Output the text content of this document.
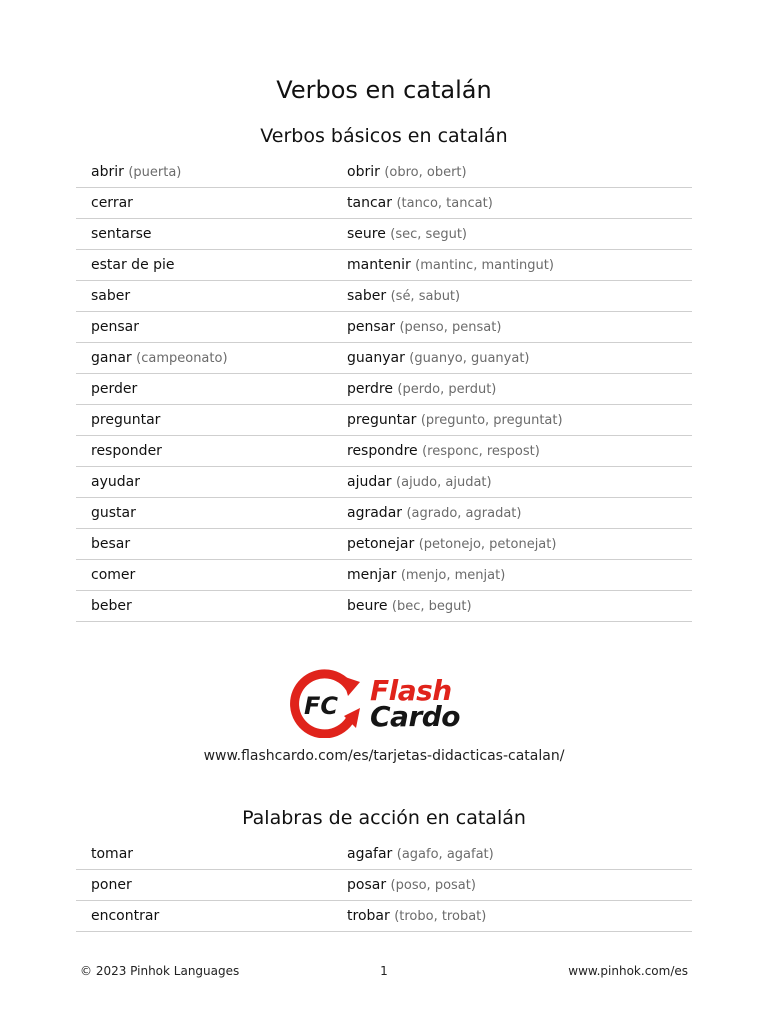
Verbos en catalán
Verbos básicos en catalán
abrir (puerta)	obrir (obro, obert)
cerrar	tancar (tanco, tancat)
sentarse	seure (sec, segut)
estar de pie	mantenir (mantinc, mantingut)
saber	saber (sé, sabut)
pensar	pensar (penso, pensat)
ganar (campeonato)	guanyar (guanyo, guanyat)
perder	perdre (perdo, perdut)
preguntar	preguntar (pregunto, preguntat)
responder	respondre (responc, respost)
ayudar	ajudar (ajudo, ajudat)
gustar	agradar (agrado, agradat)
besar	petonejar (petonejo, petonejat)
comer	menjar (menjo, menjat)
beber	beure (bec, begut)
FC Flash
Cardo
www.flashcardo.com/es/tarjetas-didacticas-catalan/
Palabras de acción en catalán
tomar	agafar (agafo, agafat)
poner	posar (poso, posat)
encontrar	trobar (trobo, trobat)
1
© 2023 Pinhok Languages	www.pinhok.com/es
